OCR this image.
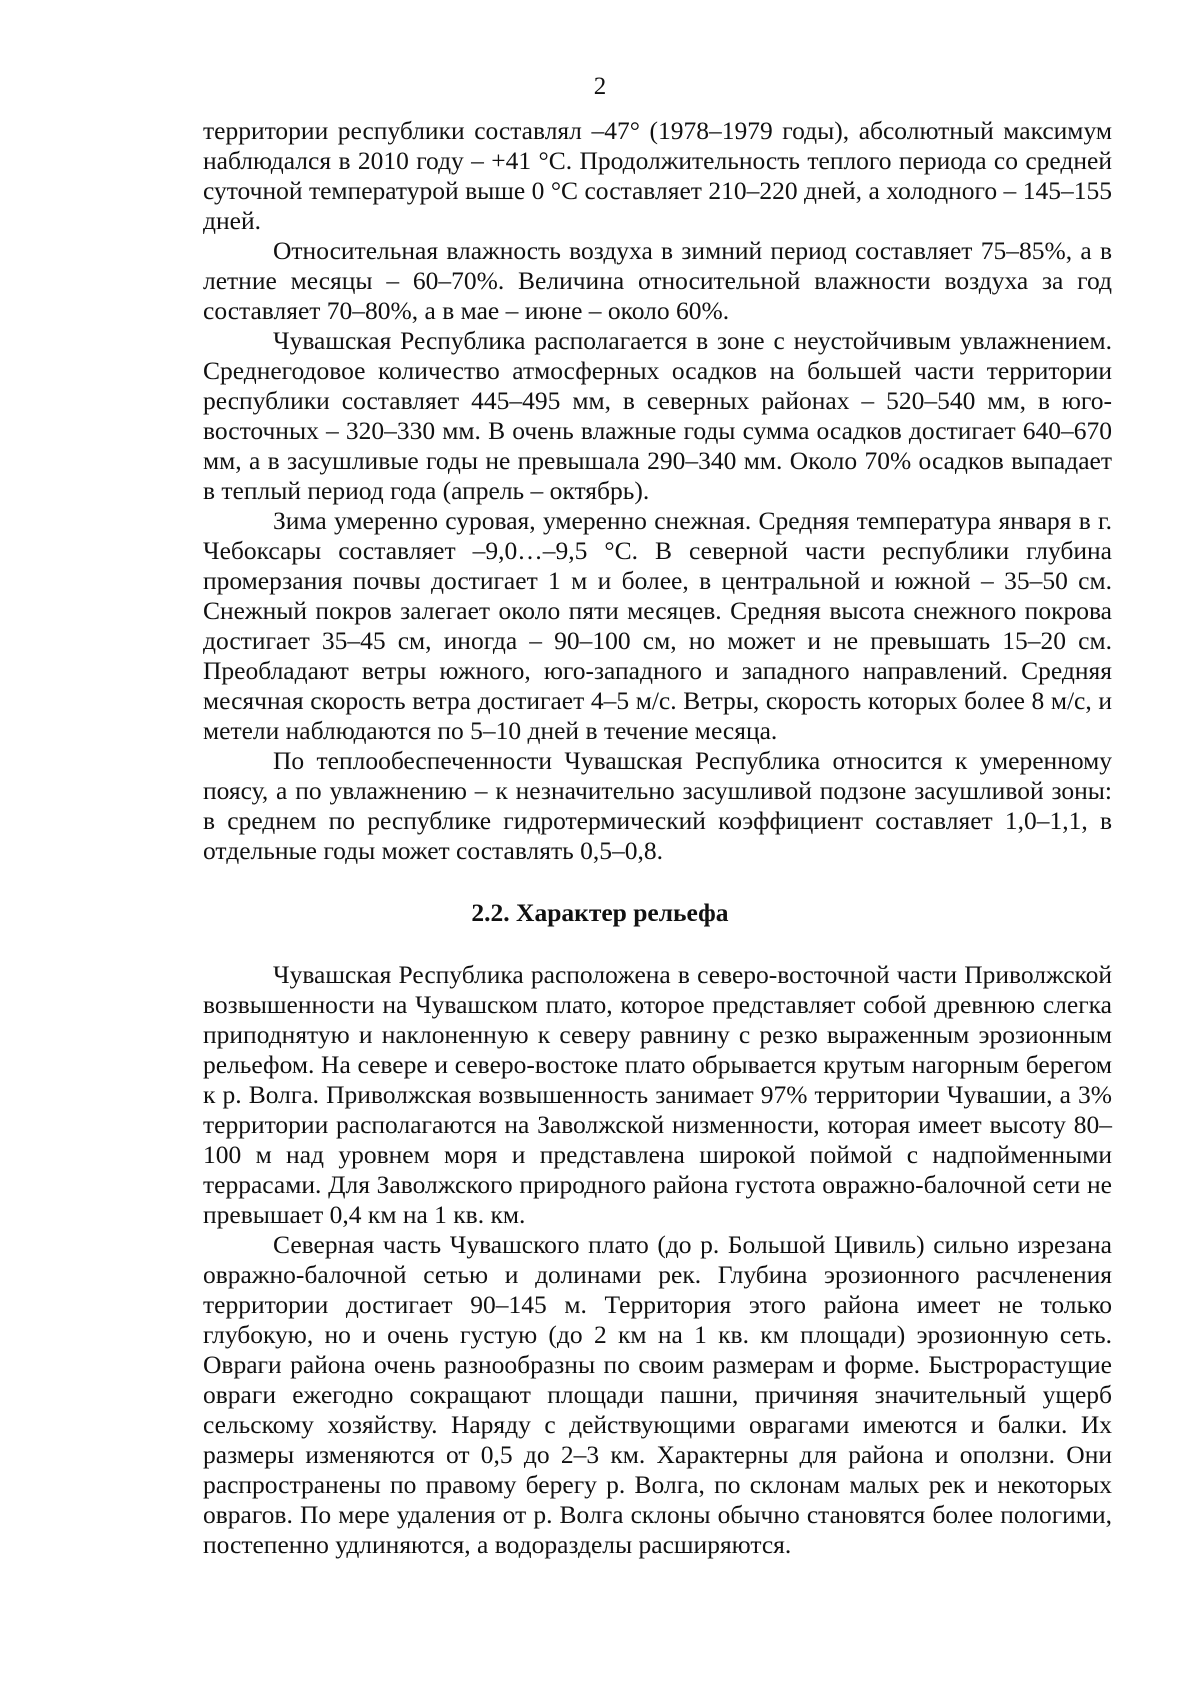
2

территории республики составлял –47° (1978–1979 годы), абсолютный максимум наблюдался в 2010 году – +41 °С. Продолжительность теплого периода со средней суточной температурой выше 0 °С составляет 210–220 дней, а холодного – 145–155 дней.

Относительная влажность воздуха в зимний период составляет 75–85%, а в летние месяцы – 60–70%. Величина относительной влажности воздуха за год составляет 70–80%, а в мае – июне – около 60%.

Чувашская Республика располагается в зоне с неустойчивым увлажнением. Среднегодовое количество атмосферных осадков на большей части территории республики составляет 445–495 мм, в северных районах – 520–540 мм, в юго-восточных – 320–330 мм. В очень влажные годы сумма осадков достигает 640–670 мм, а в засушливые годы не превышала 290–340 мм. Около 70% осадков выпадает в теплый период года (апрель – октябрь).

Зима умеренно суровая, умеренно снежная. Средняя температура января в г. Чебоксары составляет –9,0…–9,5 °С. В северной части республики глубина промерзания почвы достигает 1 м и более, в центральной и южной – 35–50 см. Снежный покров залегает около пяти месяцев. Средняя высота снежного покрова достигает 35–45 см, иногда – 90–100 см, но может и не превышать 15–20 см. Преобладают ветры южного, юго-западного и западного направлений. Средняя месячная скорость ветра достигает 4–5 м/с. Ветры, скорость которых более 8 м/с, и метели наблюдаются по 5–10 дней в течение месяца.

По теплообеспеченности Чувашская Республика относится к умеренному поясу, а по увлажнению – к незначительно засушливой подзоне засушливой зоны: в среднем по республике гидротермический коэффициент составляет 1,0–1,1, в отдельные годы может составлять 0,5–0,8.

2.2. Характер рельефа

Чувашская Республика расположена в северо-восточной части Приволжской возвышенности на Чувашском плато, которое представляет собой древнюю слегка приподнятую и наклоненную к северу равнину с резко выраженным эрозионным рельефом. На севере и северо-востоке плато обрывается крутым нагорным берегом к р. Волга. Приволжская возвышенность занимает 97% территории Чувашии, а 3% территории располагаются на Заволжской низменности, которая имеет высоту 80–100 м над уровнем моря и представлена широкой поймой с надпойменными террасами. Для Заволжского природного района густота овражно-балочной сети не превышает 0,4 км на 1 кв. км.

Северная часть Чувашского плато (до р. Большой Цивиль) сильно изрезана овражно-балочной сетью и долинами рек. Глубина эрозионного расчленения территории достигает 90–145 м. Территория этого района имеет не только глубокую, но и очень густую (до 2 км на 1 кв. км площади) эрозионную сеть. Овраги района очень разнообразны по своим размерам и форме. Быстрорастущие овраги ежегодно сокращают площади пашни, причиняя значительный ущерб сельскому хозяйству. Наряду с действующими оврагами имеются и балки. Их размеры изменяются от 0,5 до 2–3 км. Характерны для района и оползни. Они распространены по правому берегу р. Волга, по склонам малых рек и некоторых оврагов. По мере удаления от р. Волга склоны обычно становятся более пологими, постепенно удлиняются, а водоразделы расширяются.
